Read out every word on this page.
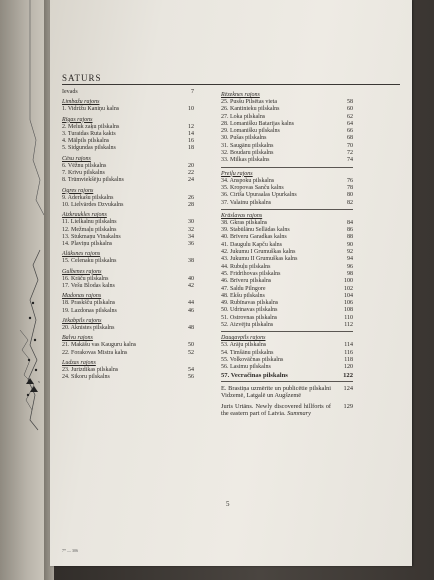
5
SATURS
Ievads	7
Limbažu rajons
1. Vidrižu Kaniņu kalns	10
Rīgas rajons
2. Meluk zaķu pilskalns	12
3. Turaidas Ruta kakts	14
4. Mālpils pilskalns	16
5. Sidgundas pilskalns	18
Cēsu rajons
6. Vēžnu pilskalns	20
7. Krīvu pilskalns	22
8. Trūmviekšēju pilskalns	24
Ogres rajons
9. Aderkašu pilskalns	26
10. Lielvārdes Dzvukalns	28
Aizkraukles rajons
11. Lielkalnu pilskalns	30
12. Mežmaļu pilskalns	32
13. Stukmaņu Vinakalns	34
14. Plaviņu pilskalns	36
Alūksnes rajons
15. Celenaku pilskalns	38
Gulbenes rajons
16. Krāču pilskalns	40
17. Vešu Blodas kalns	42
Madonas rajons
18. Praskšču pilskalns	44
19. Lazdonas pilskalns	46
Jēkabpils rajons
20. Aknistes pilskalns	48
Balvu rajons
21. Makāšu vas Kauguru kalns	50
22. Forakovas Mistra kalns	52
Ludzas rajons
23. Jurizdikas pilskalns	54
24. Sikoru pilskalns	56
Rēzeknes rajons
25. Pusšu Pilsētas vieta	58
26. Kantinieku pilskalns	60
27. Loka pilskalns	62
28. Lomanišku Batarijas kalns	64
29. Lomanišku pilskalns	66
30. Pušas pilskalns	68
31. Saugānu pilskalns	70
32. Boudaru pilskalns	72
33. Milkas pilskalns	74
Preiļu rajons
34. Anspoku pilskalns	76
35. Kropovas Sanču kalns	78
36. Cirīša Upuraalas Upurkalns	80
37. Valainu pilskalns	82
Krāslavas rajons
38. Gkras pilskalns	84
39. Stabūlānu Sellādas kalns	86
40. Brīveru Garadkas kalns	88
41. Daugulu Kapču kalns	90
42. Jukumu I Grumuškas kalns	92
43. Jukumu II Grumuškas kalns	94
44. Rubuļu pilskalns	96
45. Fridrihovas pilskalns	98
46. Brīveru pilskalns	100
47. Saldu Pilngore	102
48. Ekšu pilskalns	104
49. Rubīnavas pilskalns	106
50. Udrinavas pilskalns	108
51. Ostrovnas pilskalns	110
52. Aizvējtu pilskalns	112
Daugavpils rajons
53. Arāju pilskalns	114
54. Timšānu pilskalns	116
55. Volkovāčnas pilskalns	118
56. Lasimu pilskalns	120
57. Vecračinas pilskalns	122
E. Brastiņa uzmērīte un publicētie pilskalni Vidzemē, Latgalē un Augšzemē
124
Juris Urtāns. Newly discovered hillforts of the eastern part of Latvia. Summary
129
5
7* — 306
